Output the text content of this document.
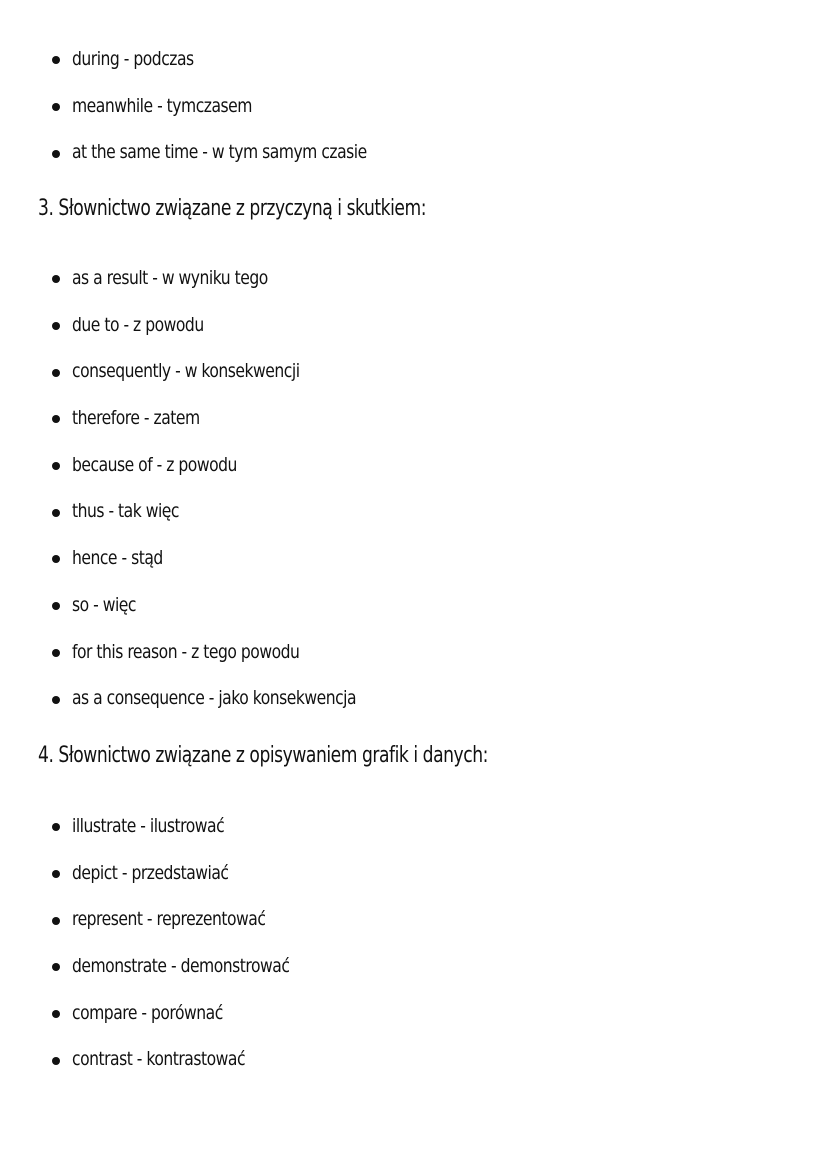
during - podczas
meanwhile - tymczasem
at the same time - w tym samym czasie
3. Słownictwo związane z przyczyną i skutkiem:
as a result - w wyniku tego
due to - z powodu
consequently - w konsekwencji
therefore - zatem
because of - z powodu
thus - tak więc
hence - stąd
so - więc
for this reason - z tego powodu
as a consequence - jako konsekwencja
4. Słownictwo związane z opisywaniem grafik i danych:
illustrate - ilustrować
depict - przedstawiać
represent - reprezentować
demonstrate - demonstrować
compare - porównać
contrast - kontrastować
